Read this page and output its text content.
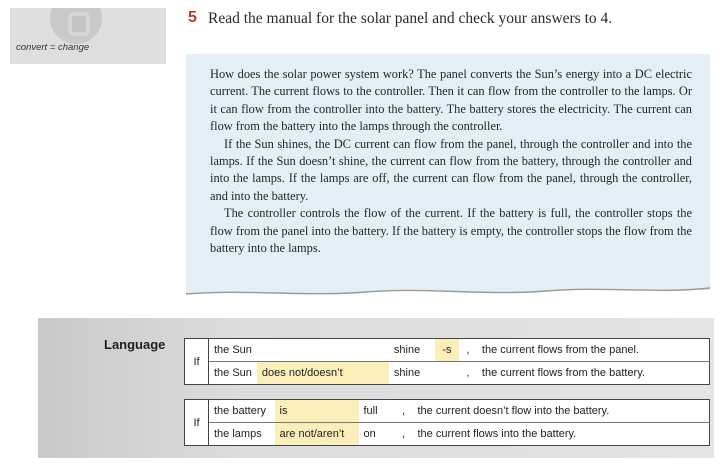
convert = change
5 Read the manual for the solar panel and check your answers to 4.

How does the solar power system work? The panel converts the Sun’s energy into a DC electric current. The current flows to the controller. Then it can flow from the controller to the lamps. Or it can flow from the controller into the battery. The battery stores the electricity. The current can flow from the battery into the lamps through the controller.

If the Sun shines, the DC current can flow from the panel, through the controller and into the lamps. If the Sun doesn’t shine, the current can flow from the battery, through the controller and into the lamps. If the lamps are off, the current can flow from the panel, through the controller, and into the battery.

The controller controls the flow of the current. If the battery is full, the controller stops the flow from the panel into the battery. If the battery is empty, the controller stops the flow from the battery into the lamps.

Language
If	the Sun		shine	-s	,	the current flows from the panel.
	the Sun	does not/doesn’t	shine		,	the current flows from the battery.
If	the battery	is	full	,	the current doesn’t flow into the battery.
	the lamps	are not/aren’t	on	,	the current flows into the battery.
